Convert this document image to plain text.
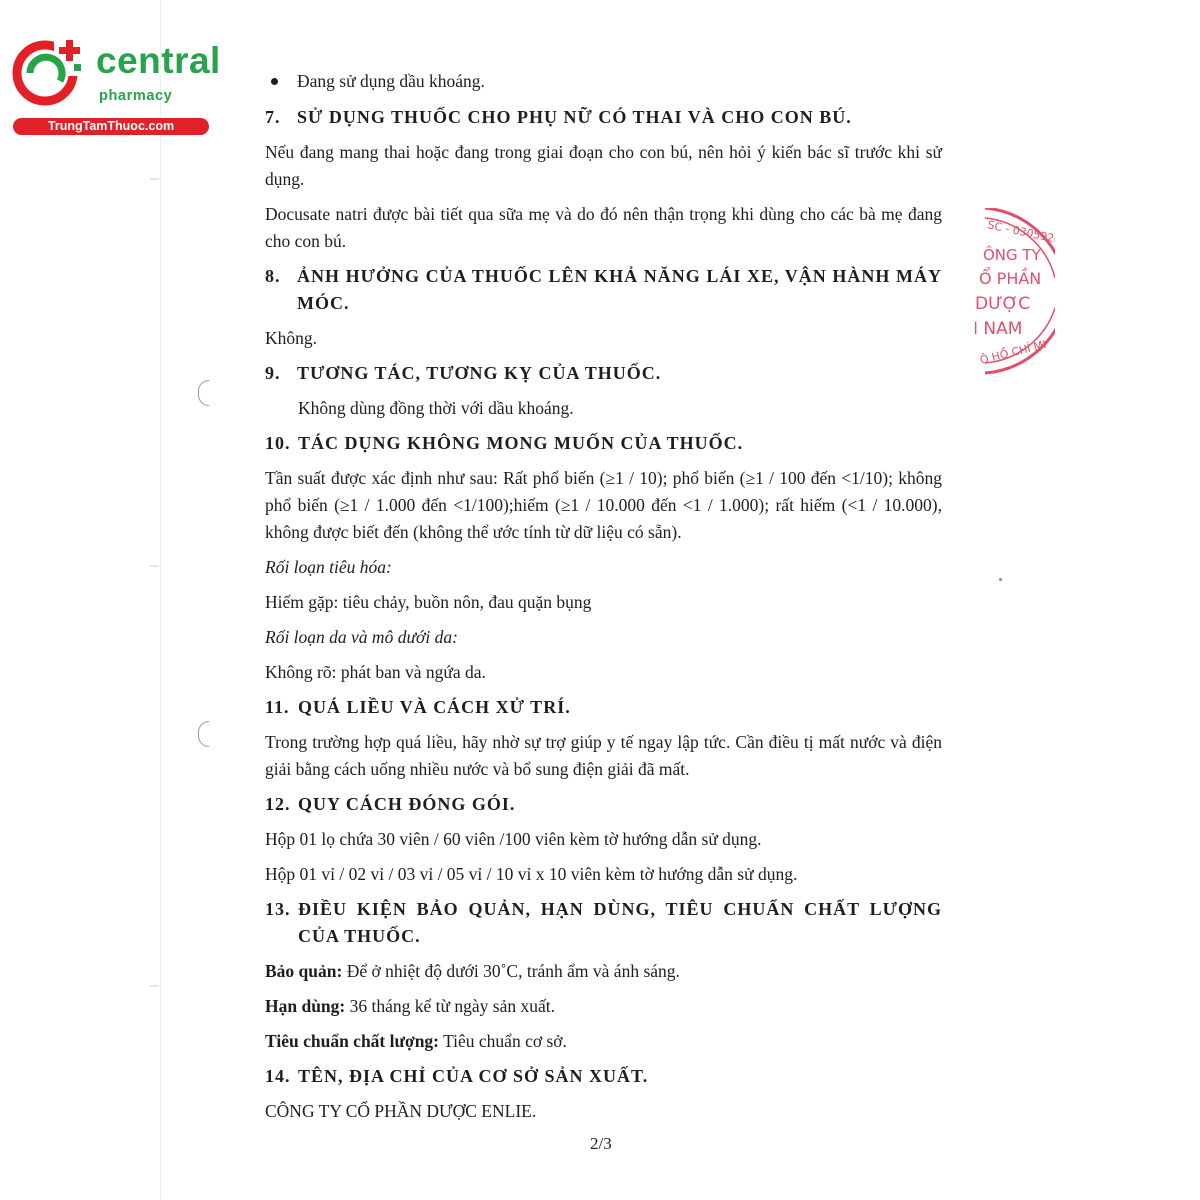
central
pharmacy
TrungTamThuoc.com
SC - 0305920
ÔNG TY
Ổ PHẦN
DƯỢC
I NAM
Ô HỒ CHÍ MI
Đang sử dụng dầu khoáng.
7. SỬ DỤNG THUỐC CHO PHỤ NỮ CÓ THAI VÀ CHO CON BÚ.
Nếu đang mang thai hoặc đang trong giai đoạn cho con bú, nên hỏi ý kiến bác sĩ trước khi sử dụng.
Docusate natri được bài tiết qua sữa mẹ và do đó nên thận trọng khi dùng cho các bà mẹ đang cho con bú.
8. ẢNH HƯỞNG CỦA THUỐC LÊN KHẢ NĂNG LÁI XE, VẬN HÀNH MÁY MÓC.
Không.
9. TƯƠNG TÁC, TƯƠNG KỴ CỦA THUỐC.
Không dùng đồng thời với dầu khoáng.
10. TÁC DỤNG KHÔNG MONG MUỐN CỦA THUỐC.
Tần suất được xác định như sau: Rất phổ biến (≥1 / 10); phổ biến (≥1 / 100 đến <1/10); không phổ biến (≥1 / 1.000 đến <1/100);hiếm (≥1 / 10.000 đến <1 / 1.000); rất hiếm (<1 / 10.000), không được biết đến (không thể ước tính từ dữ liệu có sẵn).
Rối loạn tiêu hóa:
Hiếm gặp: tiêu chảy, buồn nôn, đau quặn bụng
Rối loạn da và mô dưới da:
Không rõ: phát ban và ngứa da.
11. QUÁ LIỀU VÀ CÁCH XỬ TRÍ.
Trong trường hợp quá liều, hãy nhờ sự trợ giúp y tế ngay lập tức. Cần điều tị mất nước và điện giải bằng cách uống nhiều nước và bổ sung điện giải đã mất.
12. QUY CÁCH ĐÓNG GÓI.
Hộp 01 lọ chứa 30 viên / 60 viên /100 viên kèm tờ hướng dẫn sử dụng.
Hộp 01 vỉ / 02 vỉ / 03 vỉ / 05 vỉ / 10 vỉ x 10 viên kèm tờ hướng dẫn sử dụng.
13. ĐIỀU KIỆN BẢO QUẢN, HẠN DÙNG, TIÊU CHUẨN CHẤT LƯỢNG CỦA THUỐC.
Bảo quản: Để ở nhiệt độ dưới 30˚C, tránh ẩm và ánh sáng.
Hạn dùng: 36 tháng kể từ ngày sản xuất.
Tiêu chuẩn chất lượng: Tiêu chuẩn cơ sở.
14. TÊN, ĐỊA CHỈ CỦA CƠ SỞ SẢN XUẤT.
CÔNG TY CỔ PHẦN DƯỢC ENLIE.
2/3
